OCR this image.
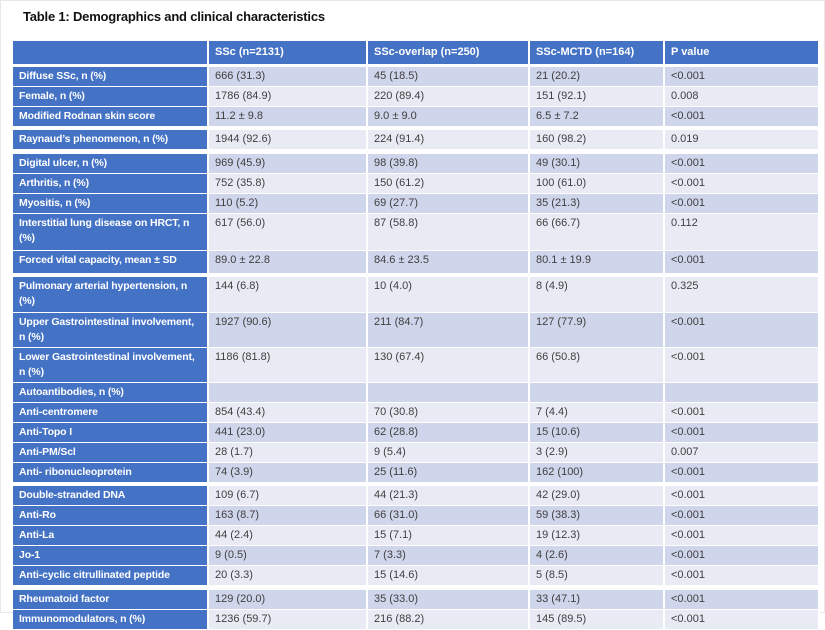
Table 1: Demographics and clinical characteristics
	SSc (n=2131)	SSc-overlap (n=250)	SSc-MCTD (n=164)	P value
Diffuse SSc, n (%)	666 (31.3)	45 (18.5)	21 (20.2)	<0.001
Female, n (%)	1786 (84.9)	220 (89.4)	151 (92.1)	0.008
Modified Rodnan skin score	11.2 ± 9.8	9.0 ± 9.0	6.5 ± 7.2	<0.001

Raynaud’s phenomenon, n (%)	1944 (92.6)	224 (91.4)	160 (98.2)	0.019

Digital ulcer, n (%)	969 (45.9)	98 (39.8)	49 (30.1)	<0.001
Arthritis, n (%)	752 (35.8)	150 (61.2)	100 (61.0)	<0.001
Myositis, n (%)	110 (5.2)	69 (27.7)	35 (21.3)	<0.001
Interstitial lung disease on HRCT, n (%)	617 (56.0)	87 (58.8)	66 (66.7)	0.112
Forced vital capacity, mean ± SD	89.0 ± 22.8	84.6 ± 23.5	80.1 ± 19.9	<0.001

Pulmonary arterial hypertension, n (%)	144 (6.8)	10 (4.0)	8 (4.9)	0.325
Upper Gastrointestinal involvement, n (%)	1927 (90.6)	211 (84.7)	127 (77.9)	<0.001
Lower Gastrointestinal involvement, n (%)	1186 (81.8)	130 (67.4)	66 (50.8)	<0.001
Autoantibodies, n (%)				
Anti-centromere	854 (43.4)	70 (30.8)	7 (4.4)	<0.001
Anti-Topo I	441 (23.0)	62 (28.8)	15 (10.6)	<0.001
Anti-PM/Scl	28 (1.7)	9 (5.4)	3 (2.9)	0.007
Anti- ribonucleoprotein	74 (3.9)	25 (11.6)	162 (100)	<0.001

Double-stranded DNA	109 (6.7)	44 (21.3)	42 (29.0)	<0.001
Anti-Ro	163 (8.7)	66 (31.0)	59 (38.3)	<0.001
Anti-La	44 (2.4)	15 (7.1)	19 (12.3)	<0.001
Jo-1	9 (0.5)	7 (3.3)	4 (2.6)	<0.001
Anti-cyclic citrullinated peptide	20 (3.3)	15 (14.6)	5 (8.5)	<0.001

Rheumatoid factor	129 (20.0)	35 (33.0)	33 (47.1)	<0.001
Immunomodulators, n (%)	1236 (59.7)	216 (88.2)	145 (89.5)	<0.001
